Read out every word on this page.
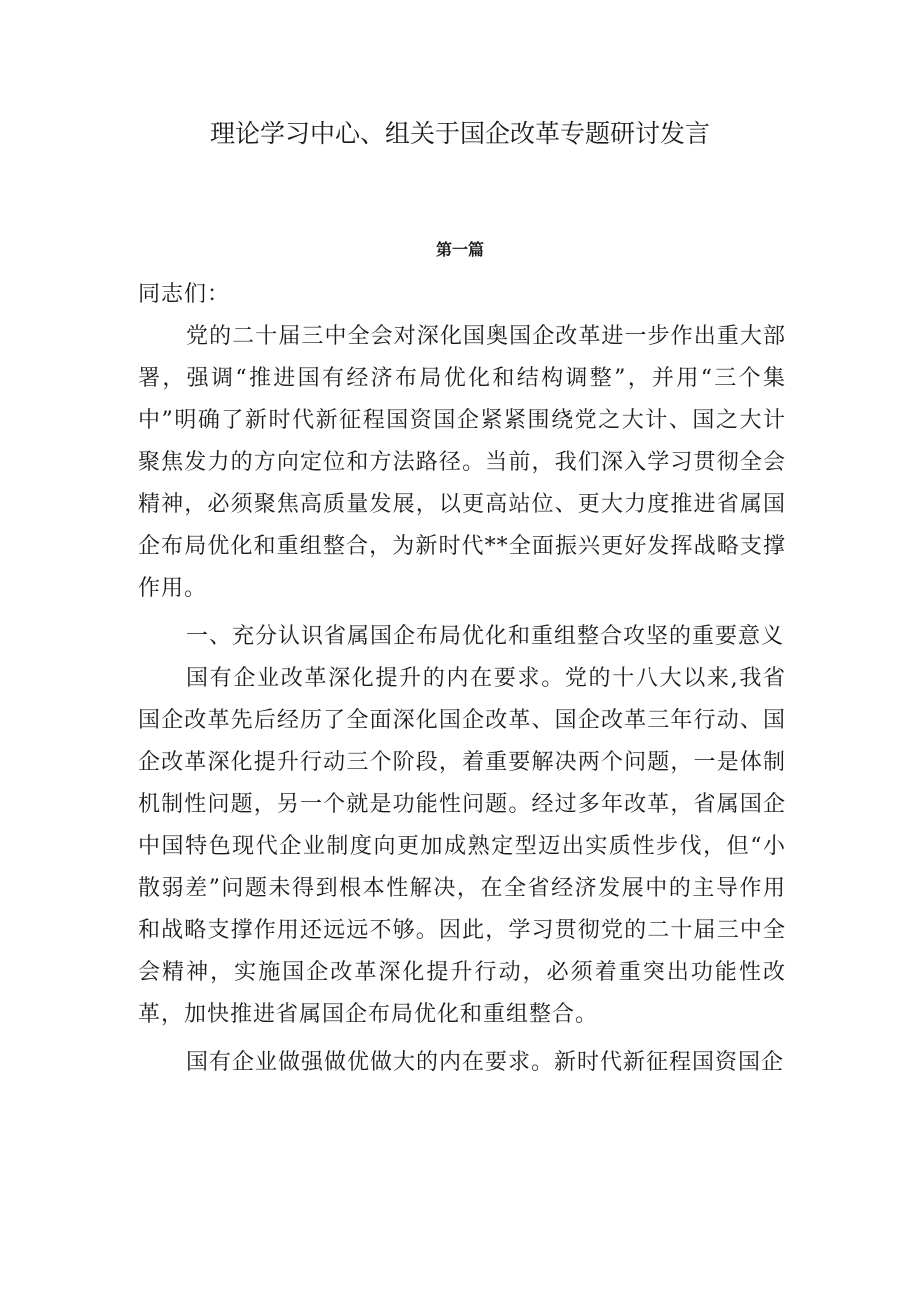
理论学习中心、组关于国企改革专题研讨发言
第一篇

同志们：

党的二十届三中全会对深化国奥国企改革进一步作出重大部署，强调“推进国有经济布局优化和结构调整”，并用“三个集中”明确了新时代新征程国资国企紧紧围绕党之大计、国之大计聚焦发力的方向定位和方法路径。当前，我们深入学习贯彻全会精神，必须聚焦高质量发展，以更高站位、更大力度推进省属国企布局优化和重组整合，为新时代**全面振兴更好发挥战略支撑作用。

一、充分认识省属国企布局优化和重组整合攻坚的重要意义

国有企业改革深化提升的内在要求。党的十八大以来,我省国企改革先后经历了全面深化国企改革、国企改革三年行动、国企改革深化提升行动三个阶段，着重要解决两个问题，一是体制机制性问题，另一个就是功能性问题。经过多年改革，省属国企中国特色现代企业制度向更加成熟定型迈出实质性步伐，但“小散弱差”问题未得到根本性解决，在全省经济发展中的主导作用和战略支撑作用还远远不够。因此，学习贯彻党的二十届三中全会精神，实施国企改革深化提升行动，必须着重突出功能性改革，加快推进省属国企布局优化和重组整合。

国有企业做强做优做大的内在要求。新时代新征程国资国企
